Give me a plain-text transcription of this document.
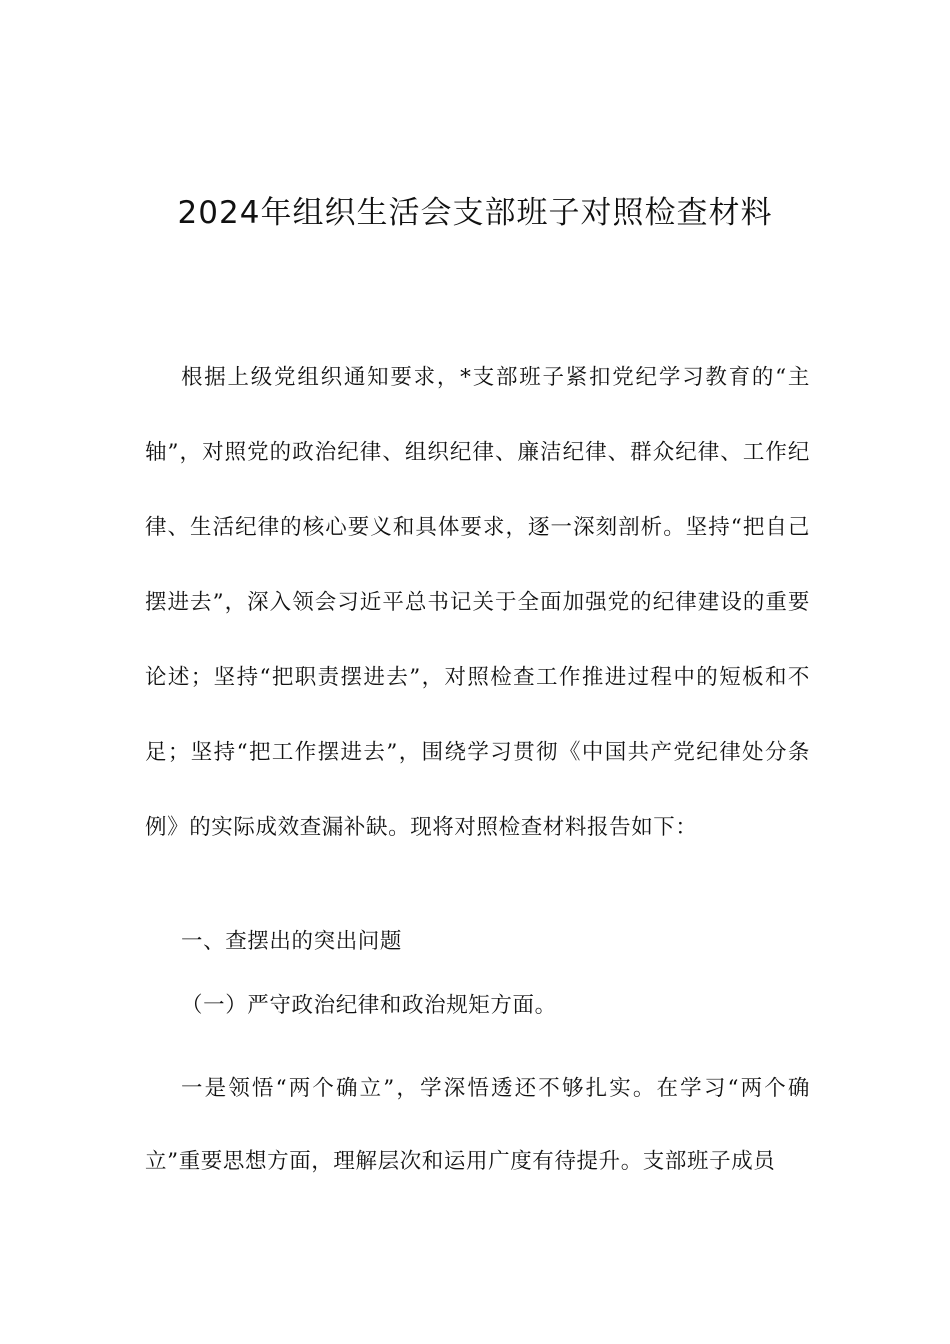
2024年组织生活会支部班子对照检查材料

根据上级党组织通知要求，*支部班子紧扣党纪学习教育的“主轴”，对照党的政治纪律、组织纪律、廉洁纪律、群众纪律、工作纪律、生活纪律的核心要义和具体要求，逐一深刻剖析。坚持“把自己摆进去”，深入领会习近平总书记关于全面加强党的纪律建设的重要论述；坚持“把职责摆进去”，对照检查工作推进过程中的短板和不足；坚持“把工作摆进去”，围绕学习贯彻《中国共产党纪律处分条例》的实际成效查漏补缺。现将对照检查材料报告如下：

一、查摆出的突出问题

（一）严守政治纪律和政治规矩方面。

一是领悟“两个确立”，学深悟透还不够扎实。在学习“两个确立”重要思想方面，理解层次和运用广度有待提升。支部班子成员
